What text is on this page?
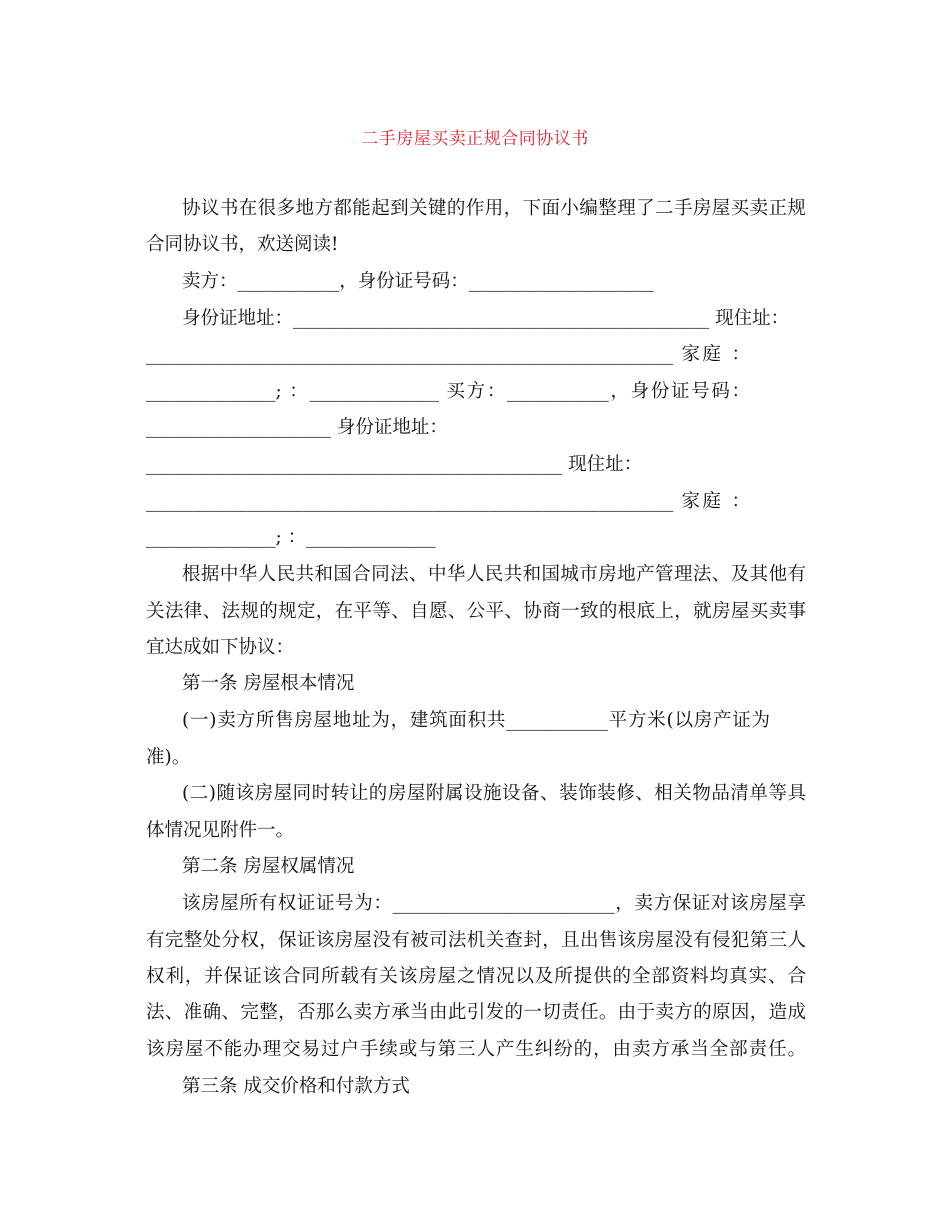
二手房屋买卖正规合同协议书
协议书在很多地方都能起到关键的作用，下面小编整理了二手房屋买卖正规
合同协议书，欢送阅读!
卖方：___________，身份证号码：____________________
身份证地址：_____________________________________________ 现住址：
_________________________________________________________ 家庭 ：
______________; ：______________ 买方：___________，身份证号码：
____________________ 身份证地址：
_____________________________________________ 现住址：
_________________________________________________________ 家庭 ：
______________; ：______________
根据中华人民共和国合同法、中华人民共和国城市房地产管理法、及其他有
关法律、法规的规定，在平等、自愿、公平、协商一致的根底上，就房屋买卖事
宜达成如下协议：
第一条 房屋根本情况
(一)卖方所售房屋地址为，建筑面积共___________平方米(以房产证为
准)。
(二)随该房屋同时转让的房屋附属设施设备、装饰装修、相关物品清单等具
体情况见附件一。
第二条 房屋权属情况
该房屋所有权证证号为：________________________，卖方保证对该房屋享
有完整处分权，保证该房屋没有被司法机关查封，且出售该房屋没有侵犯第三人
权利，并保证该合同所载有关该房屋之情况以及所提供的全部资料均真实、合
法、准确、完整，否那么卖方承当由此引发的一切责任。由于卖方的原因，造成
该房屋不能办理交易过户手续或与第三人产生纠纷的，由卖方承当全部责任。
第三条 成交价格和付款方式
